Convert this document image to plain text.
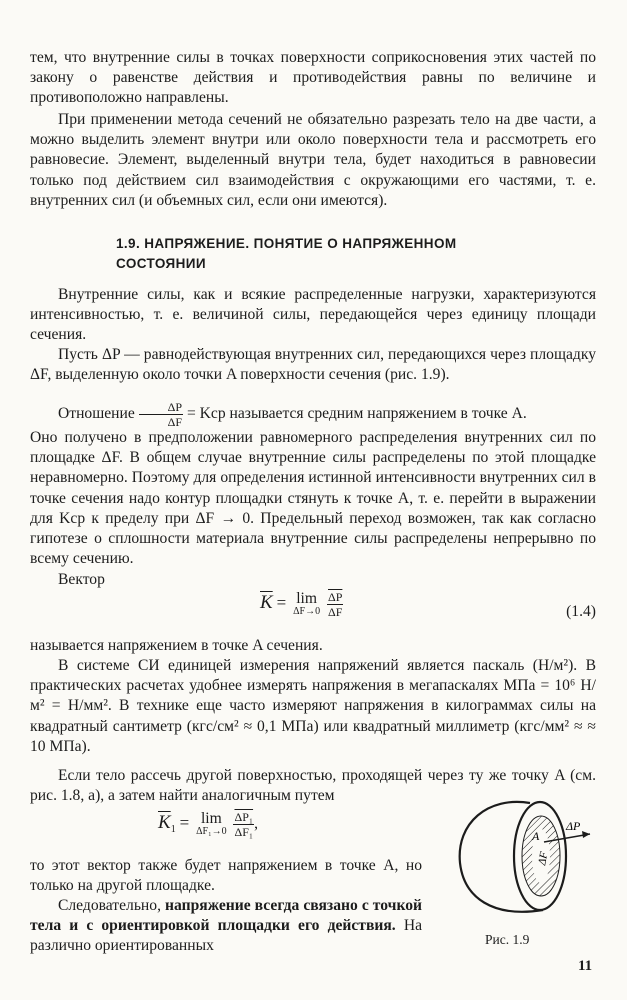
тем, что внутренние силы в точках поверхности соприкосновения этих частей по закону о равенстве действия и противодействия равны по величине и противоположно направлены.

При применении метода сечений не обязательно разрезать тело на две части, а можно выделить элемент внутри или около поверхности тела и рассмотреть его равновесие. Элемент, выделенный внутри тела, будет находиться в равновесии только под действием сил взаимодействия с окружающими его частями, т. е. внутренних сил (и объемных сил, если они имеются).

1.9. НАПРЯЖЕНИЕ. ПОНЯТИЕ О НАПРЯЖЕННОМ СОСТОЯНИИ

Внутренние силы, как и всякие распределенные нагрузки, характеризуются интенсивностью, т. е. величиной силы, передающейся через единицу площади сечения.

Пусть ΔP — равнодействующая внутренних сил, передающихся через площадку ΔF, выделенную около точки A поверхности сечения (рис. 1.9).

Отношение $\frac{\Delta P}{\Delta F}$ = Kср называется средним напряжением в точке A.

Оно получено в предположении равномерного распределения внутренних сил по площадке ΔF. В общем случае внутренние силы распределены по этой площадке неравномерно. Поэтому для определения истинной интенсивности внутренних сил в точке сечения надо контур площадки стянуть к точке A, т. е. перейти в выражении для Kср к пределу при ΔF → 0. Предельный переход возможен, так как согласно гипотезе о сплошности материала внутренние силы распределены непрерывно по всему сечению.

Вектор

$\overline{K} = \lim$
ΔF→0
$\frac{\overline{\Delta P}}{\Delta F}$	(1.4)

называется напряжением в точке A сечения.

В системе СИ единицей измерения напряжений является паскаль (Н/м²). В практических расчетах удобнее измерять напряжения в мегапаскалях МПа = 10⁶ Н/м² = Н/мм². В технике еще часто измеряют напряжения в килограммах силы на квадратный сантиметр (кгс/см² ≈ 0,1 МПа) или квадратный миллиметр (кгс/мм² ≈ ≈ 10 МПа).

Если тело рассечь другой поверхностью, проходящей через ту же точку A (см. рис. 1.8, а), а затем найти аналогичным путем

$\overline{K}_1 = \lim$
ΔF₁→0
$\frac{\text{ΔP₁}}{\text{ΔF₁}}$ ,

то этот вектор также будет напряжением в точке A, но только на другой площадке.

Следовательно, напряжение всегда связано с точкой тела и с ориентировкой площадки его действия. На различно ориентированных

A
ΔF
ΔP
Рис. 1.9
11
